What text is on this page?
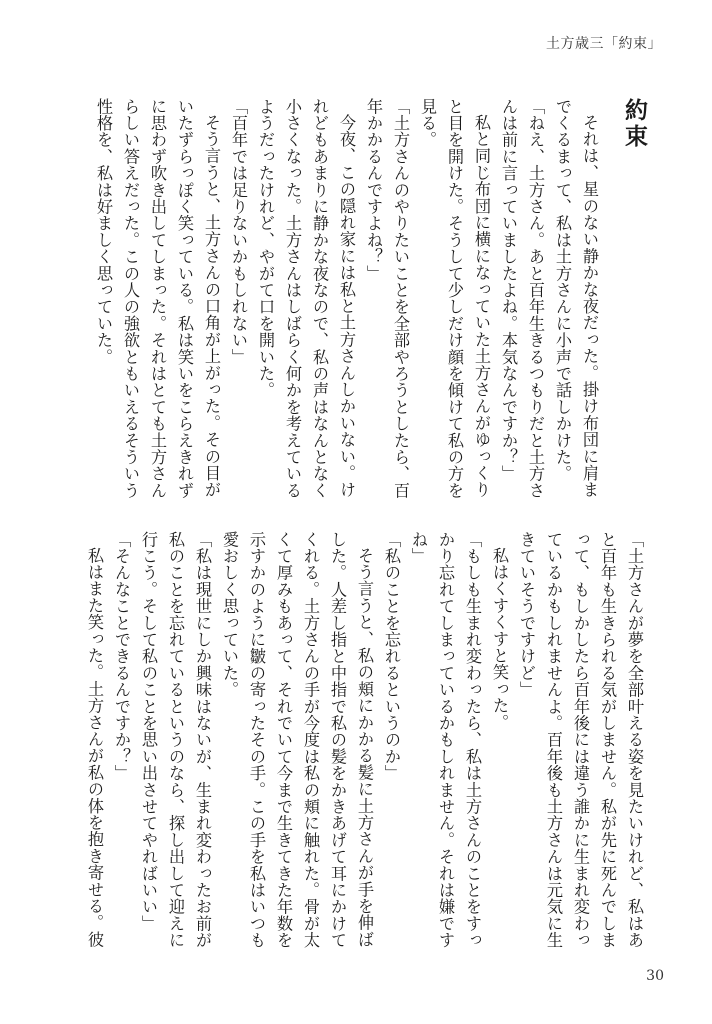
土方歳三「約束」

約束

それは、星のない静かな夜だった。掛け布団に肩までくるまって、私は土方さんに小声で話しかけた。

「ねえ、土方さん。あと百年生きるつもりだと土方さんは前に言っていましたよね。本気なんですか？」

私と同じ布団に横になっていた土方さんがゆっくりと目を開けた。そうして少しだけ顔を傾けて私の方を見る。

「土方さんのやりたいことを全部やろうとしたら、百年かかるんですよね？」

今夜、この隠れ家には私と土方さんしかいない。けれどもあまりに静かな夜なので、私の声はなんとなく小さくなった。土方さんはしばらく何かを考えているようだったけれど、やがて口を開いた。

「百年では足りないかもしれない」

そう言うと、土方さんの口角が上がった。その目がいたずらっぽく笑っている。私は笑いをこらえきれずに思わず吹き出してしまった。それはとても土方さんらしい答えだった。この人の強欲ともいえるそういう性格を、私は好ましく思っていた。

「土方さんが夢を全部叶える姿を見たいけれど、私はあと百年も生きられる気がしません。私が先に死んでしまって、もしかしたら百年後には違う誰かに生まれ変わっているかもしれませんよ。百年後も土方さんは元気に生きていそうですけど」

私はくすくすと笑った。

「もしも生まれ変わったら、私は土方さんのことをすっかり忘れてしまっているかもしれません。それは嫌ですね」

「私のことを忘れるというのか」

そう言うと、私の頬にかかる髪に土方さんが手を伸ばした。人差し指と中指で私の髪をかきあげて耳にかけてくれる。土方さんの手が今度は私の頬に触れた。骨が太くて厚みもあって、それでいて今まで生きてきた年数を示すかのように皺の寄ったその手。この手を私はいつも愛おしく思っていた。

「私は現世にしか興味はないが、生まれ変わったお前が私のことを忘れているというのなら、探し出して迎えに行こう。そして私のことを思い出させてやればいい」

「そんなことできるんですか？」

私はまた笑った。土方さんが私の体を抱き寄せる。彼

30
